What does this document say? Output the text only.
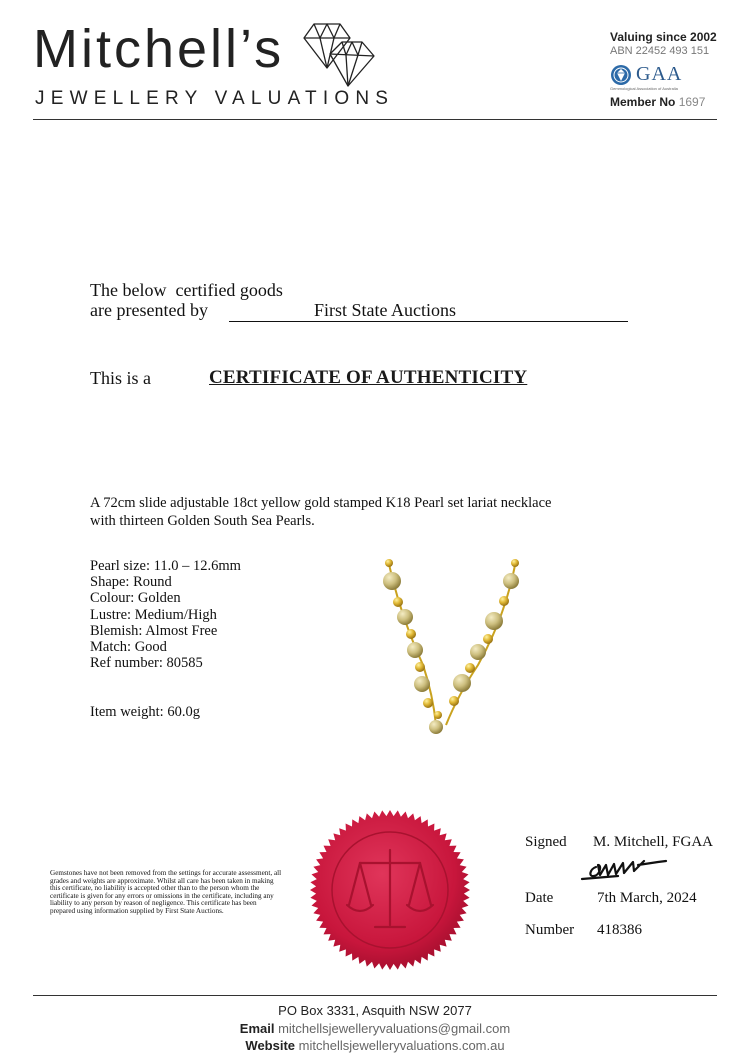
Mitchell’s
JEWELLERY VALUATIONS
Valuing since 2002
ABN 22452 493 151
GAA
Gemmological Association of Australia
Member No 1697
The below  certified goods
are presented by	First State Auctions
This is a	CERTIFICATE OF AUTHENTICITY
A 72cm slide adjustable 18ct yellow gold stamped K18 Pearl set lariat necklace
with thirteen Golden South Sea Pearls.
Pearl size: 11.0 – 12.6mm
Shape: Round
Colour: Golden
Lustre: Medium/High
Blemish: Almost Free
Match: Good
Ref number: 80585
Item weight: 60.0g
Gemstones have not been removed from the settings for accurate assessment, all grades and weights are approximate. Whilst all care has been taken in making this certificate, no liability is accepted other than to the person whom the certificate is given for any errors or omissions in the certificate, including any liability to any person by reason of negligence. This certificate has been prepared using information supplied by First State Auctions.
Signed M. Mitchell, FGAA
Date	7th March, 2024
Number 418386
PO Box 3331, Asquith NSW 2077
Email mitchellsjewelleryvaluations@gmail.com
Website mitchellsjewelleryvaluations.com.au
